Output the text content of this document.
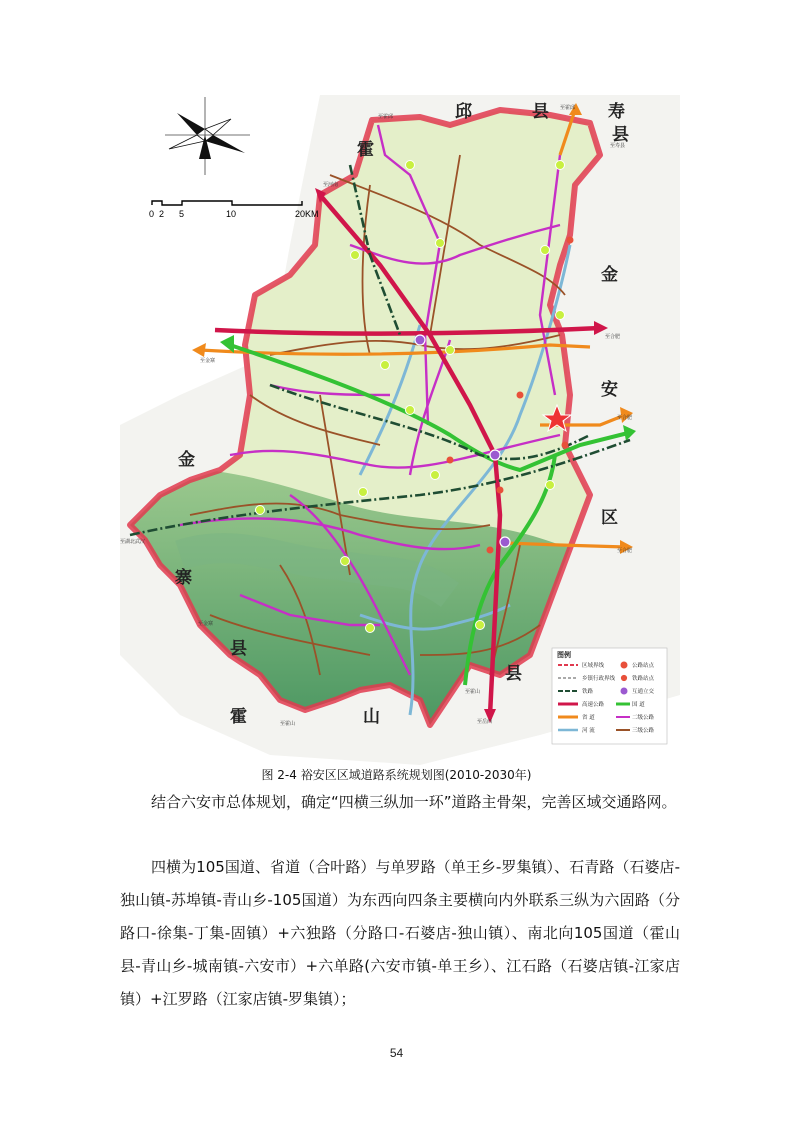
邱	县	寿
县
霍
金
安
金
区
寨
县
霍	山
县
至霍邱
至霍邱
至寿县
至河南
至合肥
至合肥
至合肥
至金寨
至湖北武汉
至金寨
至霍山
至霍山	至岳西
0 2 5	10	20KM
图例
区域界线	公路站点
乡镇行政界线	铁路站点
铁路	互通立交
高速公路	国 道
省 道	二级公路
河 流	三级公路
图 2-4 裕安区区域道路系统规划图(2010-2030年)

结合六安市总体规划，确定“四横三纵加一环”道路主骨架，完善区域交通路网。

四横为105国道、省道（合叶路）与单罗路（单王乡-罗集镇）、石青路（石婆店-独山镇-苏埠镇-青山乡-105国道）为东西向四条主要横向内外联系三纵为六固路（分路口-徐集-丁集-固镇）+六独路（分路口-石婆店-独山镇）、南北向105国道（霍山县-青山乡-城南镇-六安市）+六单路(六安市镇-单王乡）、江石路（石婆店镇-江家店镇）+江罗路（江家店镇-罗集镇）；

54
